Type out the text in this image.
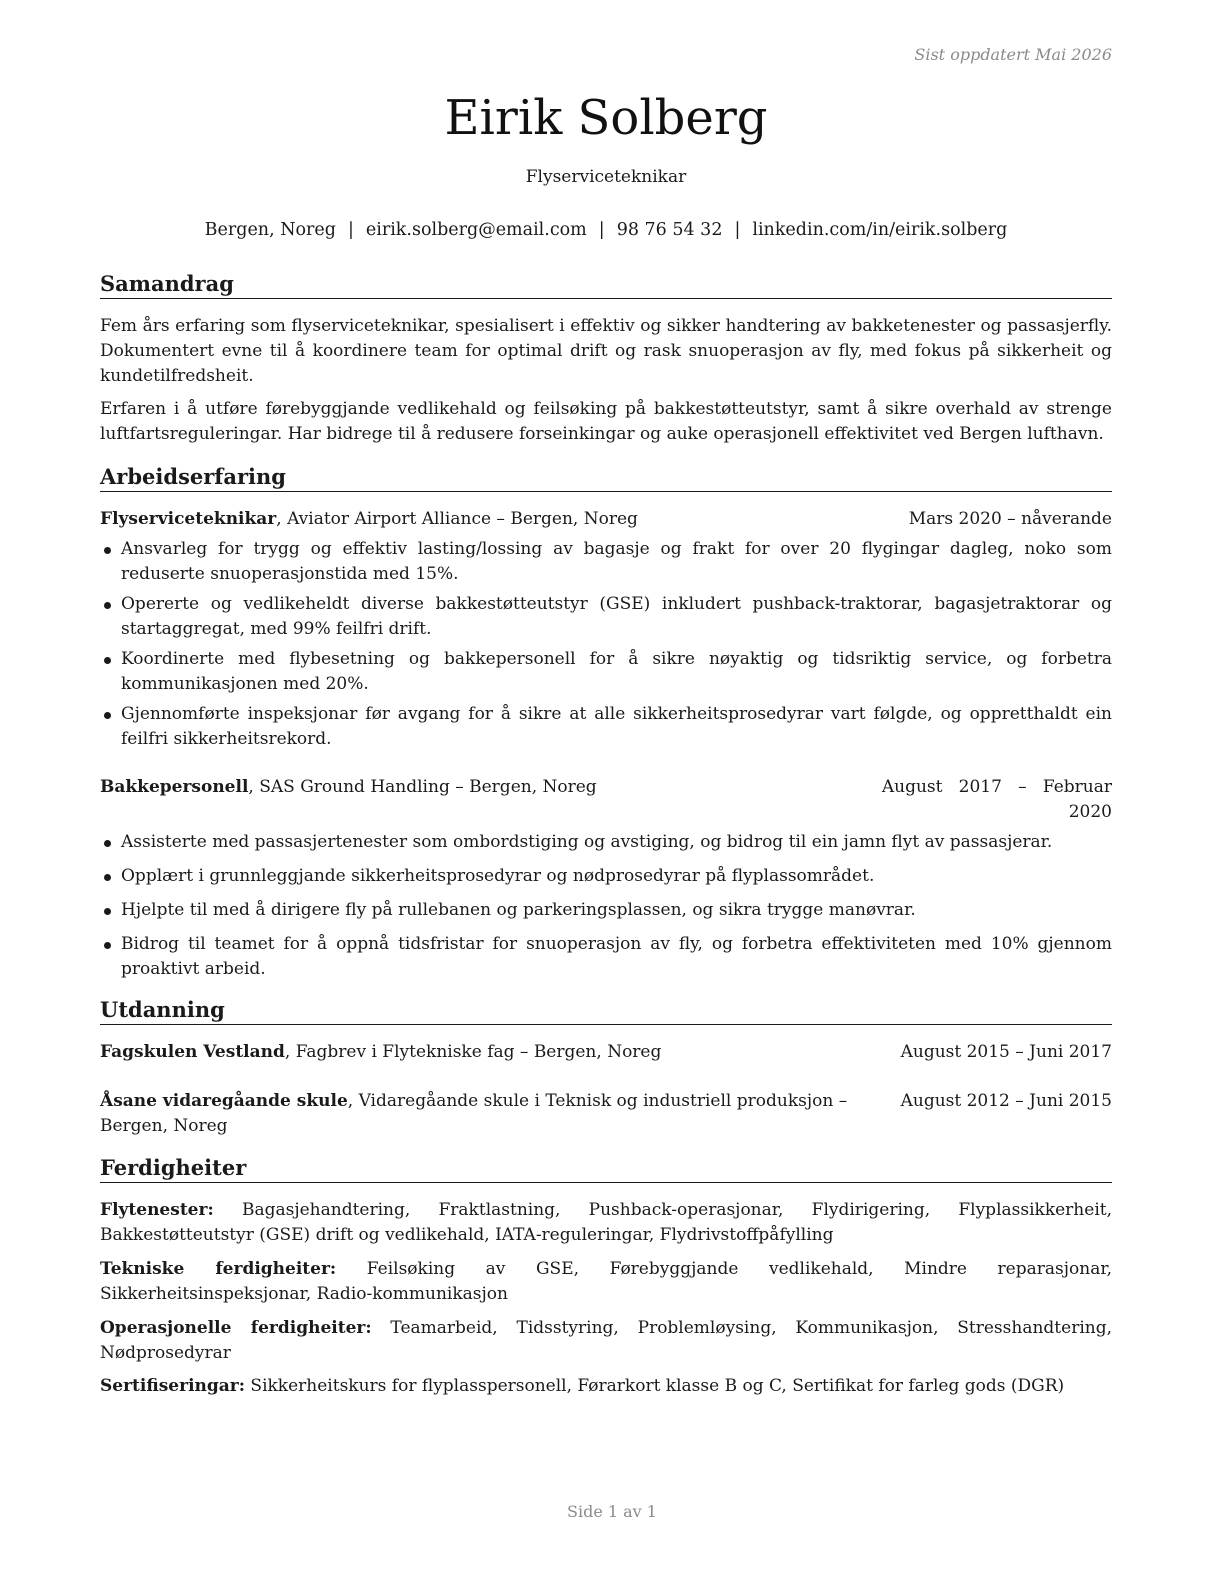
Sist oppdatert Mai 2026
Eirik Solberg
Flyserviceteknikar
Bergen, Noreg | eirik.solberg@email.com | 98 76 54 32 | linkedin.com/in/eirik.solberg
Samandrag

Fem års erfaring som flyserviceteknikar, spesialisert i effektiv og sikker handtering av bakketenester og passasjerfly. Dokumentert evne til å koordinere team for optimal drift og rask snuoperasjon av fly, med fokus på sikkerheit og kundetilfredsheit.

Erfaren i å utføre førebyggjande vedlikehald og feilsøking på bakkestøtteutstyr, samt å sikre overhald av strenge luftfartsreguleringar. Har bidrege til å redusere forseinkingar og auke operasjonell effektivitet ved Bergen lufthavn.

Arbeidserfaring
Flyserviceteknikar, Aviator Airport Alliance – Bergen, Noreg	Mars 2020 – nåverande
Ansvarleg for trygg og effektiv lasting/lossing av bagasje og frakt for over 20 flygingar dagleg, noko som reduserte snuoperasjonstida med 15%.
Opererte og vedlikeheldt diverse bakkestøtteutstyr (GSE) inkludert pushback-traktorar, bagasjetraktorar og startaggregat, med 99% feilfri drift.
Koordinerte med flybesetning og bakkepersonell for å sikre nøyaktig og tidsriktig service, og forbetra kommunikasjonen med 20%.
Gjennomførte inspeksjonar før avgang for å sikre at alle sikkerheitsprosedyrar vart følgde, og oppretthaldt ein feilfri sikkerheitsrekord.
Bakkepersonell, SAS Ground Handling – Bergen, Noreg	August   2017   –   Februar
2020
Assisterte med passasjertenester som ombordstiging og avstiging, og bidrog til ein jamn flyt av passasjerar.
Opplært i grunnleggjande sikkerheitsprosedyrar og nødprosedyrar på flyplassområdet.
Hjelpte til med å dirigere fly på rullebanen og parkeringsplassen, og sikra trygge manøvrar.
Bidrog til teamet for å oppnå tidsfristar for snuoperasjon av fly, og forbetra effektiviteten med 10% gjennom proaktivt arbeid.
Utdanning
Fagskulen Vestland, Fagbrev i Flytekniske fag – Bergen, Noreg	August 2015 – Juni 2017
Åsane vidaregåande skule, Vidaregåande skule i Teknisk og industriell produksjon –	August 2012 – Juni 2015
Bergen, Noreg
Ferdigheiter
Flytenester: Bagasjehandtering, Fraktlastning, Pushback-operasjonar, Flydirigering, Flyplassikkerheit, Bakkestøtteutstyr (GSE) drift og vedlikehald, IATA-reguleringar, Flydrivstoffpåfylling
Tekniske ferdigheiter: Feilsøking av GSE, Førebyggjande vedlikehald, Mindre reparasjonar, Sikkerheitsinspeksjonar, Radio-kommunikasjon
Operasjonelle ferdigheiter: Teamarbeid, Tidsstyring, Problemløysing, Kommunikasjon, Stresshandtering, Nødprosedyrar
Sertifiseringar: Sikkerheitskurs for flyplasspersonell, Førarkort klasse B og C, Sertifikat for farleg gods (DGR)
Side 1 av 1
